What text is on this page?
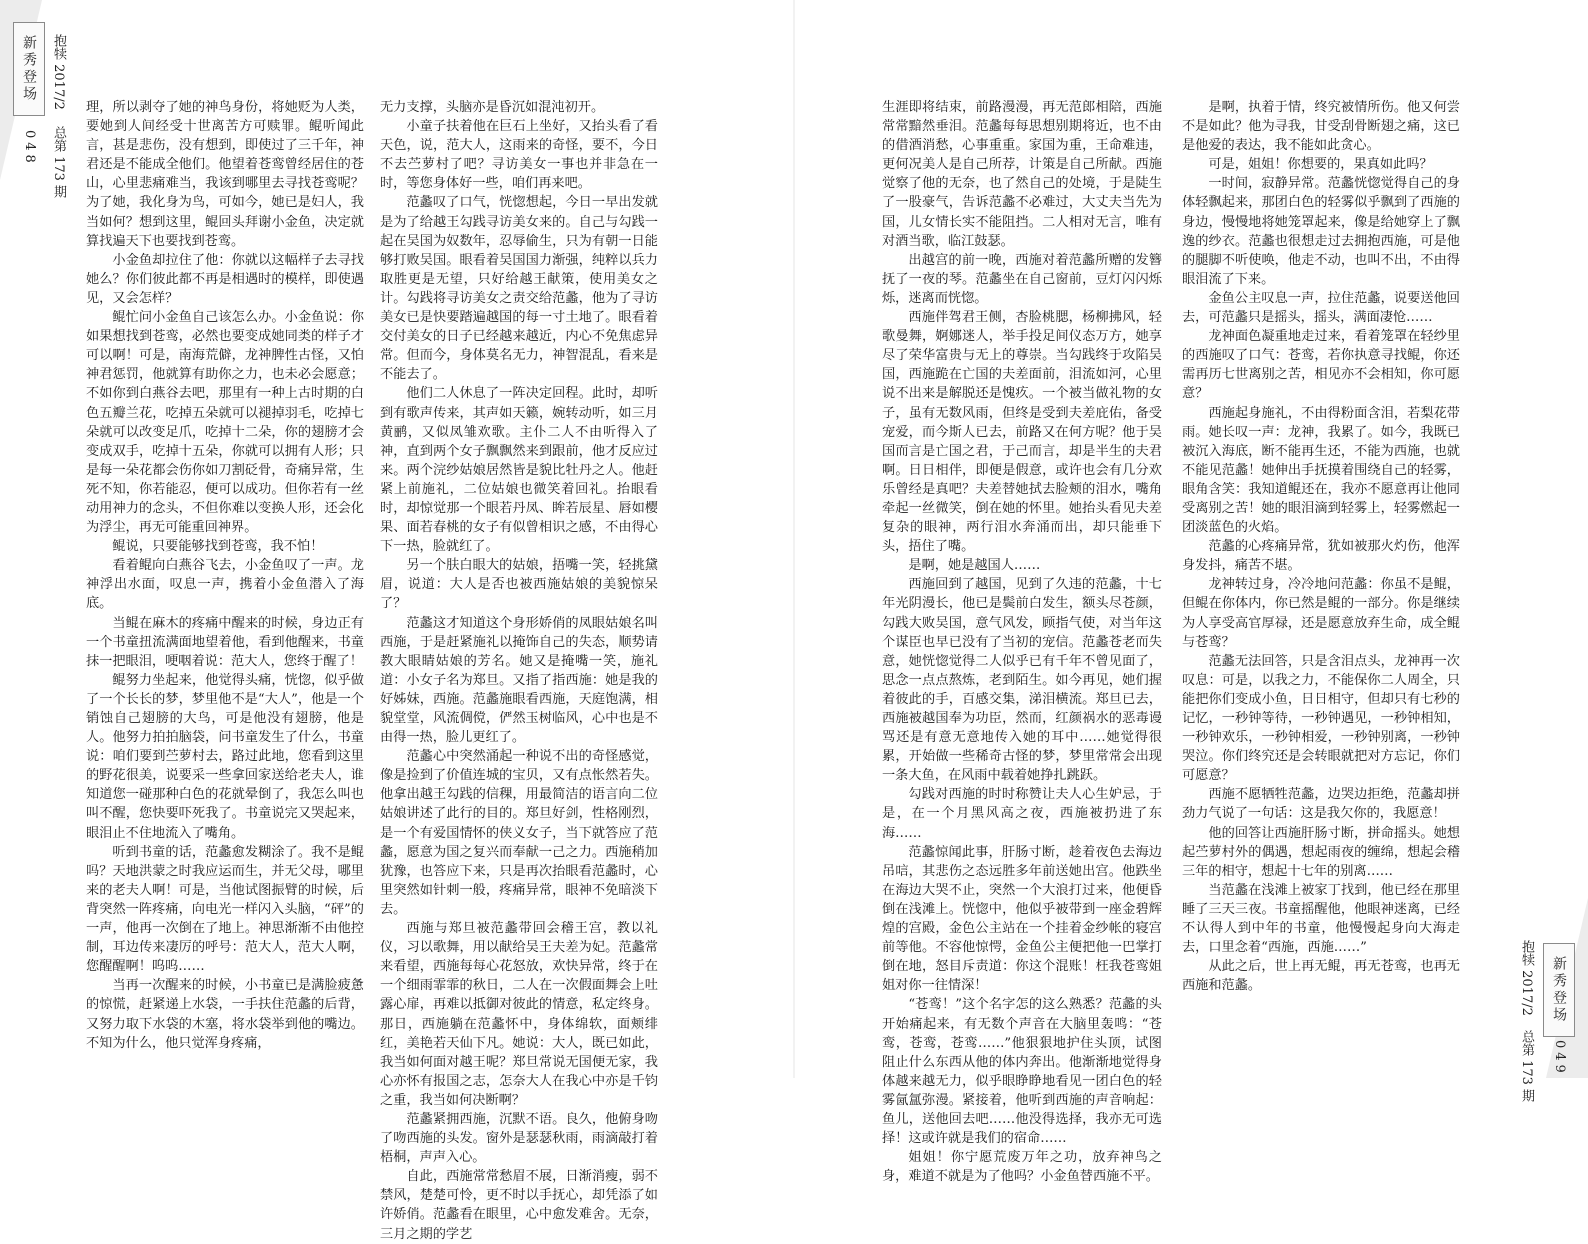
新秀登场
048
抱犊 2017/2
总第 173 期
抱犊 2017/2
总第 173 期
新秀登场
049

理，所以剥夺了她的神鸟身份，将她贬为人类，要她到人间经受十世离苦方可赎罪。鲲听闻此言，甚是悲伤，没有想到，即使过了三千年，神君还是不能成全他们。他望着苍鸾曾经居住的苍山，心里悲痛难当，我该到哪里去寻找苍鸾呢？为了她，我化身为鸟，可如今，她已是妇人，我当如何？想到这里，鲲回头拜谢小金鱼，决定就算找遍天下也要找到苍鸾。

小金鱼却拉住了他：你就以这幅样子去寻找她么？你们彼此都不再是相遇时的模样，即使遇见，又会怎样？

鲲忙问小金鱼自己该怎么办。小金鱼说：你如果想找到苍鸾，必然也要变成她同类的样子才可以啊！可是，南海荒僻，龙神脾性古怪，又怕神君惩罚，他就算有助你之力，也未必会愿意；不如你到白燕谷去吧，那里有一种上古时期的白色五瓣兰花，吃掉五朵就可以褪掉羽毛，吃掉七朵就可以改变足爪，吃掉十二朵，你的翅膀才会变成双手，吃掉十五朵，你就可以拥有人形；只是每一朵花都会伤你如刀割砭骨，奇痛异常，生死不知，你若能忍，便可以成功。但你若有一丝动用神力的念头，不但你难以变换人形，还会化为浮尘，再无可能重回神界。

鲲说，只要能够找到苍鸾，我不怕！

看着鲲向白燕谷飞去，小金鱼叹了一声。龙神浮出水面，叹息一声，携着小金鱼潜入了海底。

当鲲在麻木的疼痛中醒来的时候，身边正有一个书童扭流满面地望着他，看到他醒来，书童抹一把眼泪，哽咽着说：范大人，您终于醒了！

鲲努力坐起来，他觉得头痛，恍惚，似乎做了一个长长的梦，梦里他不是“大人”，他是一个销蚀自己翅膀的大鸟，可是他没有翅膀，他是人。他努力拍拍脑袋，问书童发生了什么，书童说：咱们要到苎萝村去，路过此地，您看到这里的野花很美，说要采一些拿回家送给老夫人，谁知道您一碰那种白色的花就晕倒了，我怎么叫也叫不醒，您快要吓死我了。书童说完又哭起来，眼泪止不住地流入了嘴角。

听到书童的话，范蠡愈发糊涂了。我不是鲲吗？天地洪蒙之时我应运而生，并无父母，哪里来的老夫人啊！可是，当他试图振臂的时候，后背突然一阵疼痛，向电光一样闪入头脑，“砰”的一声，他再一次倒在了地上。神思渐渐不由他控制，耳边传来凄厉的呼号：范大人，范大人啊，您醒醒啊！呜呜……

当再一次醒来的时候，小书童已是满脸疲惫的惊慌，赶紧递上水袋，一手扶住范蠡的后背，又努力取下水袋的木塞，将水袋举到他的嘴边。不知为什么，他只觉浑身疼痛，

无力支撑，头脑亦是昏沉如混沌初开。

小童子扶着他在巨石上坐好，又抬头看了看天色，说，范大人，这雨来的奇怪，要不，今日不去苎萝村了吧？寻访美女一事也并非急在一时，等您身体好一些，咱们再来吧。

范蠡叹了口气，恍惚想起，今日一早出发就是为了给越王勾践寻访美女来的。自己与勾践一起在吴国为奴数年，忍辱偷生，只为有朝一日能够打败吴国。眼看着吴国国力渐强，纯粹以兵力取胜更是无望，只好给越王献策，使用美女之计。勾践将寻访美女之责交给范蠡，他为了寻访美女已是快要踏遍越国的每一寸土地了。眼看着交付美女的日子已经越来越近，内心不免焦虑异常。但而今，身体莫名无力，神智混乱，看来是不能去了。

他们二人休息了一阵决定回程。此时，却听到有歌声传来，其声如天籁，婉转动听，如三月黄鹂，又似凤雏欢歌。主仆二人不由听得入了神，直到两个女子飘飘然来到跟前，他才反应过来。两个浣纱姑娘居然皆是貌比牡丹之人。他赶紧上前施礼，二位姑娘也微笑着回礼。抬眼看时，却惊觉那一个眼若丹凤、眸若辰星、唇如樱果、面若春桃的女子有似曾相识之感，不由得心下一热，脸就红了。

另一个肤白眼大的姑娘，捂嘴一笑，轻挑黛眉，说道：大人是否也被西施姑娘的美貌惊呆了？

范蠡这才知道这个身形娇俏的凤眼姑娘名叫西施，于是赶紧施礼以掩饰自己的失态，顺势请教大眼睛姑娘的芳名。她又是掩嘴一笑，施礼道：小女子名为郑旦。又指了指西施：她是我的好姊妹，西施。范蠡施眼看西施，天庭饱满，相貌堂堂，风流倜傥，俨然玉树临风，心中也是不由得一热，脸儿更红了。

范蠡心中突然涌起一种说不出的奇怪感觉，像是捡到了价值连城的宝贝，又有点怅然若失。他拿出越王勾践的信稞，用最简洁的语言向二位姑娘讲述了此行的目的。郑旦好剑，性格刚烈，是一个有爱国情怀的侠义女子，当下就答应了范蠡，愿意为国之复兴而奉献一己之力。西施稍加犹豫，也答应下来，只是再次抬眼看范蠡时，心里突然如针刺一般，疼痛异常，眼神不免暗淡下去。

西施与郑旦被范蠡带回会稽王宫，教以礼仪，习以歌舞，用以献给吴王夫差为妃。范蠡常来看望，西施每每心花怒放，欢快异常，终于在一个细雨霏霏的秋日，二人在一次假面舞会上吐露心扉，再难以抵御对彼此的情意，私定终身。那日，西施躺在范蠡怀中，身体绵软，面颊绯红，美艳若天仙下凡。她说：大人，既已如此，我当如何面对越王呢？郑旦常说无国便无家，我心亦怀有报国之志，怎奈大人在我心中亦是千钧之重，我当如何决断啊？

范蠡紧拥西施，沉默不语。良久，他俯身吻了吻西施的头发。窗外是瑟瑟秋雨，雨滴敲打着梧桐，声声入心。

自此，西施常常愁眉不展，日渐消瘦，弱不禁风，楚楚可怜，更不时以手抚心，却凭添了如许娇俏。范蠡看在眼里，心中愈发难舍。无奈，三月之期的学艺

生涯即将结束，前路漫漫，再无范郎相陪，西施常常黯然垂泪。范蠡每每思想别期将近，也不由的借酒消愁，心事重重。家国为重，王命难违，更何况美人是自己所荐，计策是自己所献。西施觉察了他的无奈，也了然自己的处境，于是陡生了一股豪气，告诉范蠡不必难过，大丈夫当先为国，儿女情长实不能阻挡。二人相对无言，唯有对酒当歌，临江鼓瑟。

出越宫的前一晚，西施对着范蠡所赠的发簪抚了一夜的琴。范蠡坐在自己窗前，豆灯闪闪烁烁，迷离而恍惚。

西施伴驾君王侧，杏脸桃腮，杨柳拂风，轻歌曼舞，婀娜迷人，举手投足间仪态万方，她享尽了荣华富贵与无上的尊崇。当勾践终于攻陷吴国，西施跪在亡国的夫差面前，泪流如河，心里说不出来是解脱还是愧疚。一个被当做礼物的女子，虽有无数风雨，但终是受到夫差庇佑，备受宠爱，而今斯人已去，前路又在何方呢？他于吴国而言是亡国之君，于己而言，却是半生的夫君啊。日日相伴，即便是假意，或许也会有几分欢乐曾经是真吧？夫差替她拭去脸颊的泪水，嘴角牵起一丝微笑，倒在她的怀里。她抬头看见夫差复杂的眼神，两行泪水奔涌而出，却只能垂下头，捂住了嘴。

是啊，她是越国人……

西施回到了越国，见到了久违的范蠡，十七年光阴漫长，他已是鬓前白发生，额头尽苍颜，勾践大败吴国，意气风发，顾指气使，对当年这个谋臣也早已没有了当初的宠信。范蠡苍老而失意，她恍惚觉得二人似乎已有千年不曾见面了，思念一点点熬炼，老到陌生。如今再见，她们握着彼此的手，百感交集，涕泪横流。郑旦已去，西施被越国奉为功臣，然而，红颜祸水的恶毒谩骂还是有意无意地传入她的耳中……她觉得很累，开始做一些稀奇古怪的梦，梦里常常会出现一条大鱼，在风雨中载着她挣扎跳跃。

勾践对西施的时时称赞让夫人心生妒忌，于是，在一个月黑风高之夜，西施被扔进了东海……

范蠡惊闻此事，肝肠寸断，趁着夜色去海边吊唁，其悲伤之态远胜多年前送她出宫。他跌坐在海边大哭不止，突然一个大浪打过来，他便昏倒在浅滩上。恍惚中，他似乎被带到一座金碧辉煌的宫殿，金色公主站在一个挂着金纱帐的寝宫前等他。不容他惊愕，金鱼公主便把他一巴掌打倒在地，怒目斥责道：你这个混账！枉我苍鸾姐姐对你一往情深！

“苍鸾！”这个名字怎的这么熟悉？范蠡的头开始痛起来，有无数个声音在大脑里轰鸣：“苍鸾，苍鸾，苍鸾……”他狠狠地护住头顶，试图阻止什么东西从他的体内奔出。他渐渐地觉得身体越来越无力，似乎眼睁睁地看见一团白色的轻雾氤氲弥漫。紧接着，他听到西施的声音响起：鱼儿，送他回去吧……他没得选择，我亦无可选择！这或许就是我们的宿命……

姐姐！你宁愿荒废万年之功，放弃神鸟之身，难道不就是为了他吗？小金鱼替西施不平。

是啊，执着于情，终究被情所伤。他又何尝不是如此？他为寻我，甘受刮骨断翅之痛，这已是他爱的表达，我不能如此贪心。

可是，姐姐！你想要的，果真如此吗？

一时间，寂静异常。范蠡恍惚觉得自己的身体轻飘起来，那团白色的轻雾似乎飘到了西施的身边，慢慢地将她笼罩起来，像是给她穿上了飘逸的纱衣。范蠡也很想走过去拥抱西施，可是他的腿脚不听使唤，他走不动，也叫不出，不由得眼泪流了下来。

金鱼公主叹息一声，拉住范蠡，说要送他回去，可范蠡只是摇头，摇头，满面凄怆……

龙神面色凝重地走过来，看着笼罩在轻纱里的西施叹了口气：苍鸾，若你执意寻找鲲，你还需再历七世离别之苦，相见亦不会相知，你可愿意？

西施起身施礼，不由得粉面含泪，若梨花带雨。她长叹一声：龙神，我累了。如今，我既已被沉入海底，断不能再生还，不能为西施，也就不能见范蠡！她伸出手抚摸着围绕自己的轻雾，眼角含笑：我知道鲲还在，我亦不愿意再让他同受离别之苦！她的眼泪滴到轻雾上，轻雾燃起一团淡蓝色的火焰。

范蠡的心疼痛异常，犹如被那火灼伤，他浑身发抖，痛苦不堪。

龙神转过身，冷冷地问范蠡：你虽不是鲲，但鲲在你体内，你已然是鲲的一部分。你是继续为人享受高官厚禄，还是愿意放弃生命，成全鲲与苍鸾？

范蠡无法回答，只是含泪点头，龙神再一次叹息：可是，以我之力，不能保你二人周全，只能把你们变成小鱼，日日相守，但却只有七秒的记忆，一秒钟等待，一秒钟遇见，一秒钟相知，一秒钟欢乐，一秒钟相爱，一秒钟别离，一秒钟哭泣。你们终究还是会转眼就把对方忘记，你们可愿意？

西施不愿牺牲范蠡，边哭边拒绝，范蠡却拼劲力气说了一句话：这是我欠你的，我愿意！

他的回答让西施肝肠寸断，拼命摇头。她想起苎萝村外的偶遇，想起雨夜的缠绵，想起会稽三年的相守，想起十七年的别离……

当范蠡在浅滩上被家丁找到，他已经在那里睡了三天三夜。书童摇醒他，他眼神迷离，已经不认得人到中年的书童，他慢慢起身向大海走去，口里念着“西施，西施……”

从此之后，世上再无鲲，再无苍鸾，也再无西施和范蠡。
